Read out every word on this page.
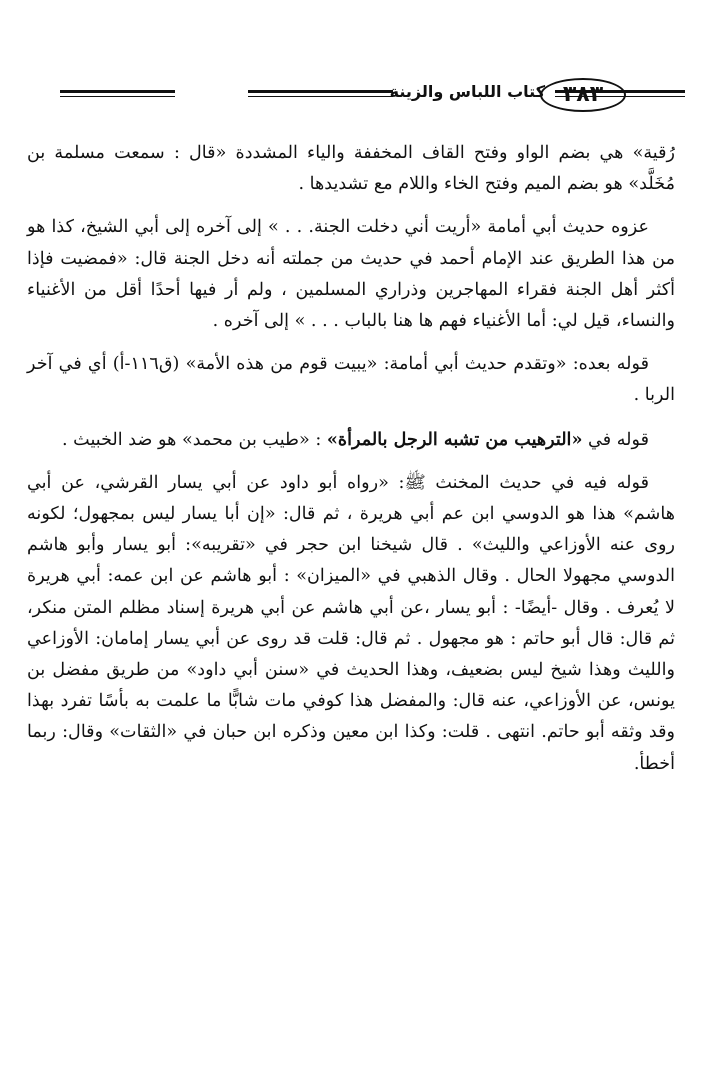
كتاب اللباس والزينة ٣٨٣

رُقية» هي بضم الواو وفتح القاف المخففة والياء المشددة «قال : سمعت مسلمة بن مُخَلَّد» هو بضم الميم وفتح الخاء واللام مع تشديدها .

عزوه حديث أبي أمامة «أريت أني دخلت الجنة. . . » إلى آخره إلى أبي الشيخ، كذا هو من هذا الطريق عند الإمام أحمد في حديث من جملته أنه دخل الجنة قال: «فمضيت فإذا أكثر أهل الجنة فقراء المهاجرين وذراري المسلمين ، ولم أر فيها أحدًا أقل من الأغنياء والنساء، قيل لي: أما الأغنياء فهم ها هنا بالباب . . . » إلى آخره .

قوله بعده: «وتقدم حديث أبي أمامة: «يبيت قوم من هذه الأمة» (ق١١٦-أ) أي في آخر الربا .

قوله في «الترهيب من تشبه الرجل بالمرأة» : «طيب بن محمد» هو ضد الخبيث .

قوله فيه في حديث المخنث ﷺ: «رواه أبو داود عن أبي يسار القرشي، عن أبي هاشم» هذا هو الدوسي ابن عم أبي هريرة ، ثم قال: «إن أبا يسار ليس بمجهول؛ لكونه روى عنه الأوزاعي والليث» . قال شيخنا ابن حجر في «تقريبه»: أبو يسار وأبو هاشم الدوسي مجهولا الحال . وقال الذهبي في «الميزان» : أبو هاشم عن ابن عمه: أبي هريرة لا يُعرف . وقال -أيضًا- : أبو يسار ،عن أبي هاشم عن أبي هريرة إسناد مظلم المتن منكر، ثم قال: قال أبو حاتم : هو مجهول . ثم قال: قلت قد روى عن أبي يسار إمامان: الأوزاعي والليث وهذا شيخ ليس بضعيف، وهذا الحديث في «سنن أبي داود» من طريق مفضل بن يونس، عن الأوزاعي، عنه قال: والمفضل هذا كوفي مات شابًّا ما علمت به بأسًا تفرد بهذا وقد وثقه أبو حاتم. انتهى . قلت: وكذا ابن معين وذكره ابن حبان في «الثقات» وقال: ربما أخطأ.
